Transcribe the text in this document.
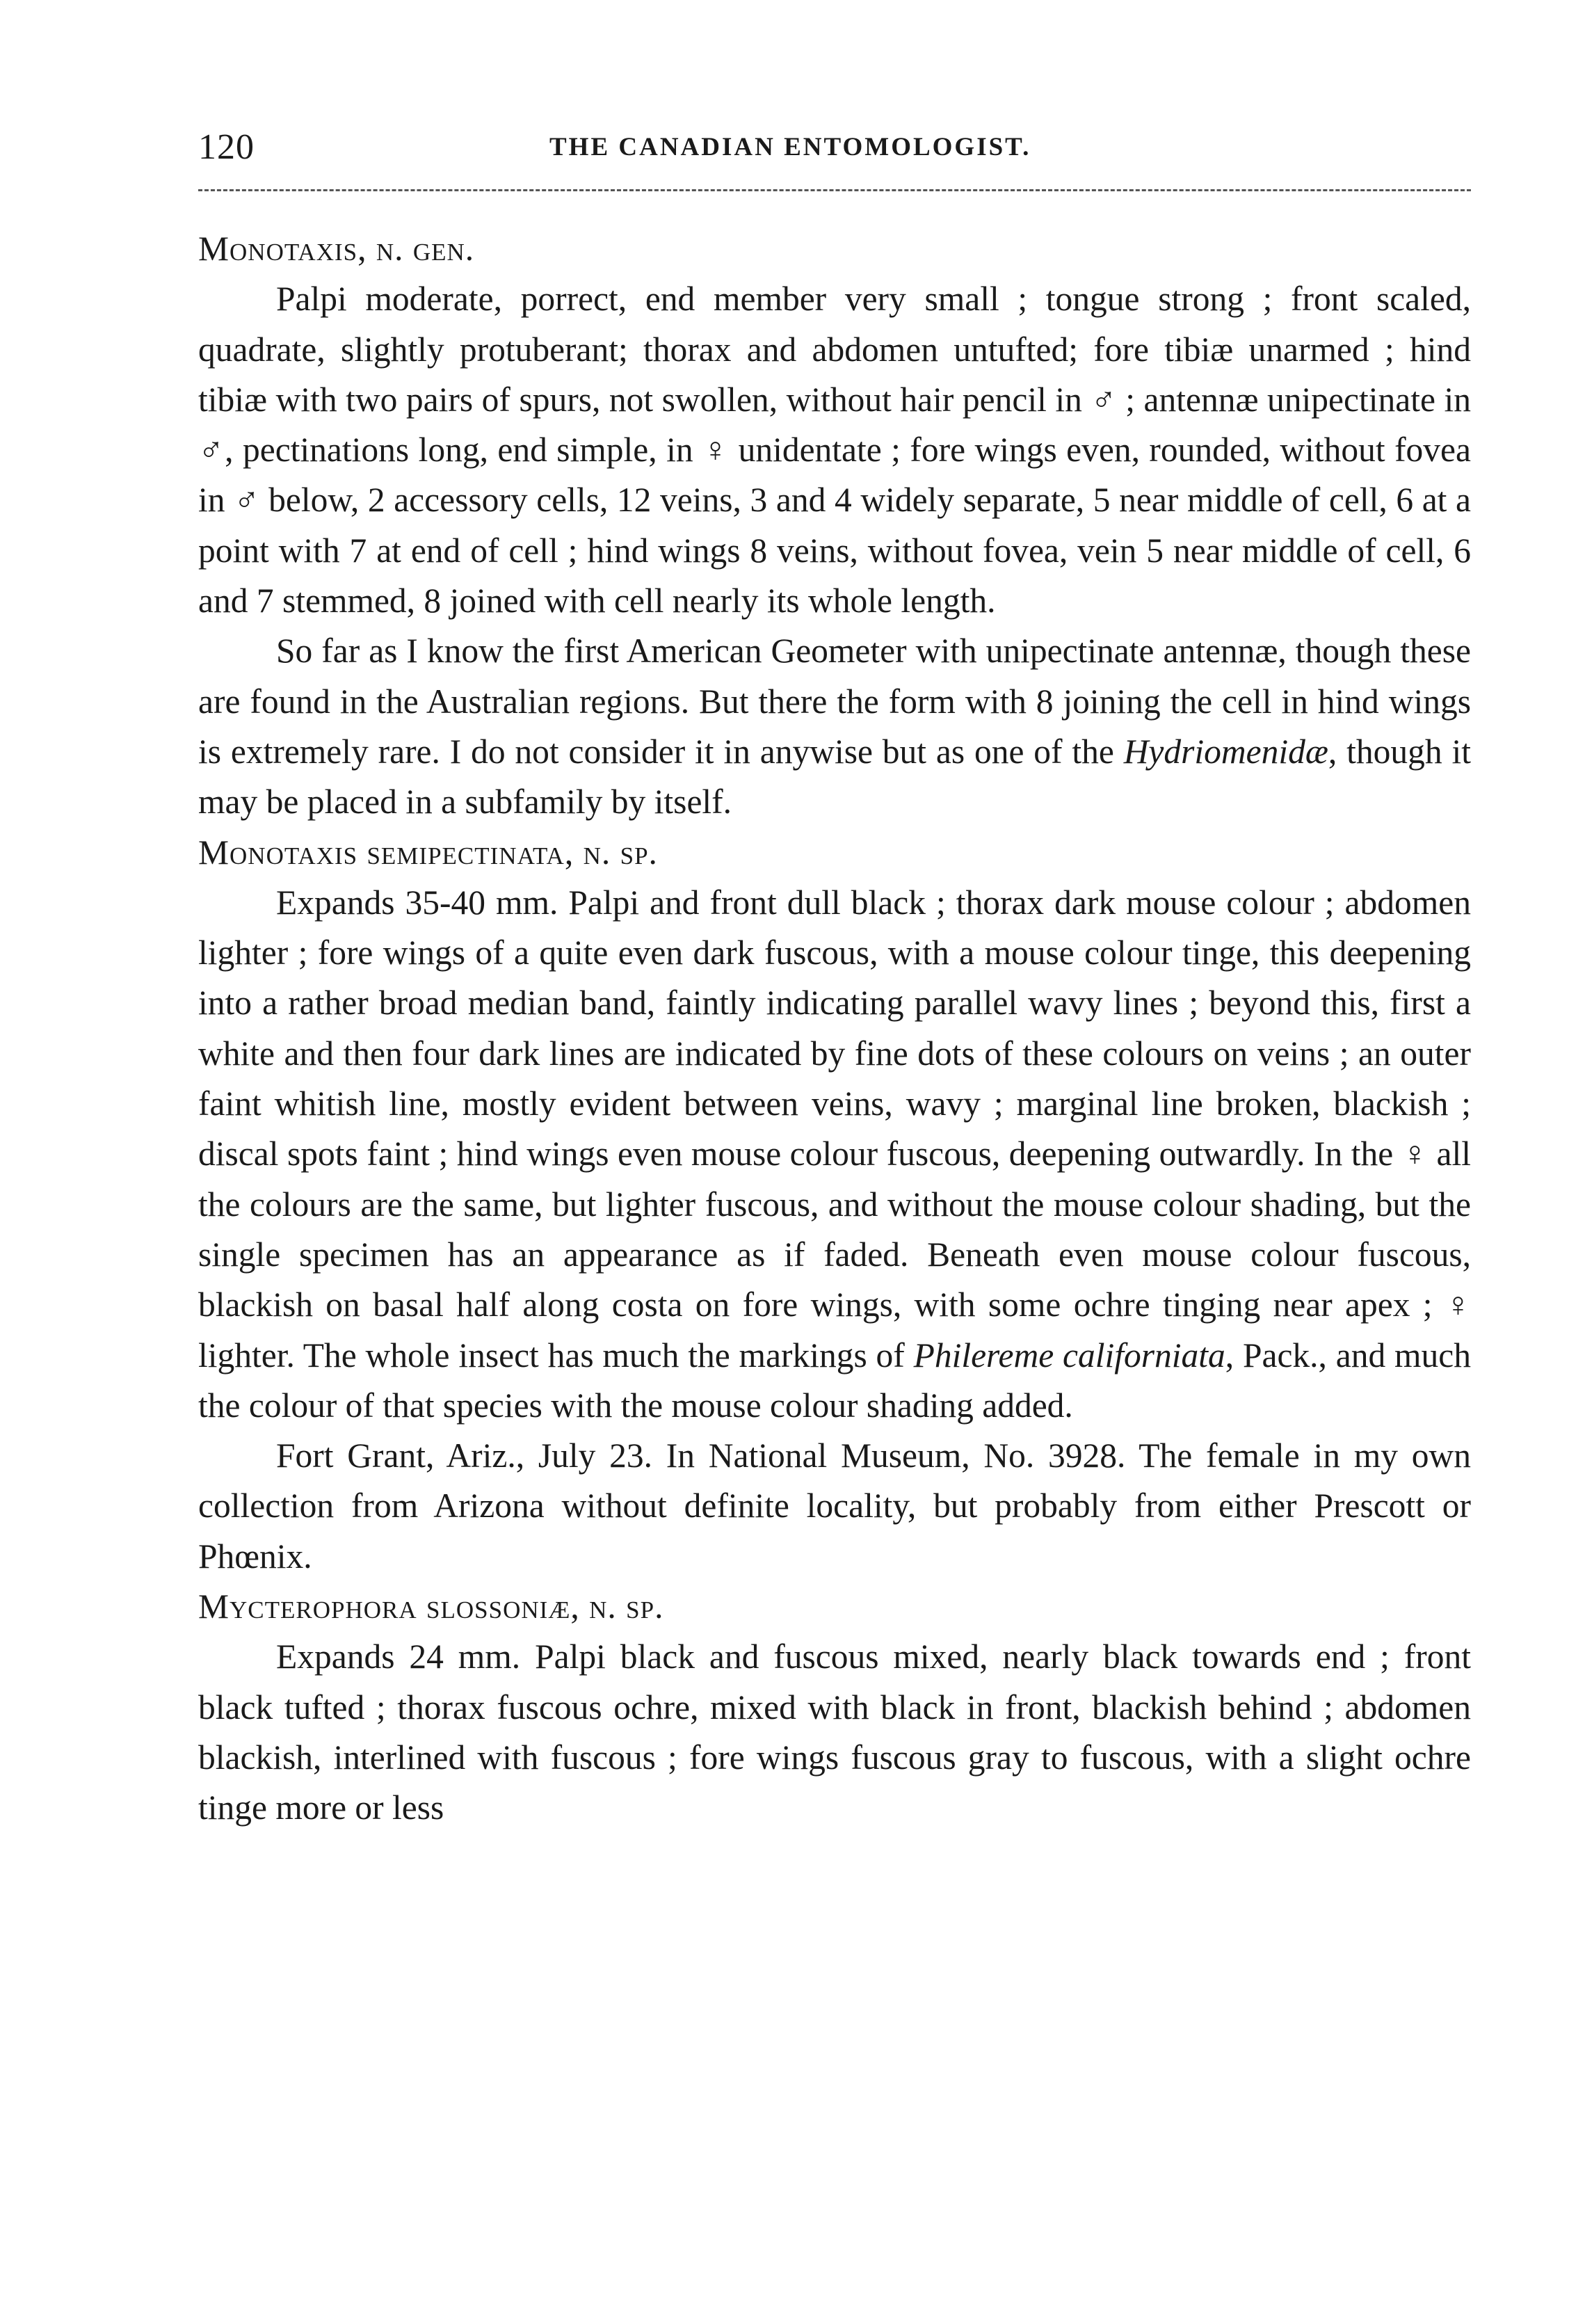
120	THE CANADIAN ENTOMOLOGIST.

Monotaxis, n. gen.

Palpi moderate, porrect, end member very small ; tongue strong ; front scaled, quadrate, slightly protuberant; thorax and abdomen untufted; fore tibiæ unarmed ; hind tibiæ with two pairs of spurs, not swollen, without hair pencil in ♂ ; antennæ unipectinate in ♂, pectinations long, end simple, in ♀ unidentate ; fore wings even, rounded, without fovea in ♂ below, 2 accessory cells, 12 veins, 3 and 4 widely separate, 5 near middle of cell, 6 at a point with 7 at end of cell ; hind wings 8 veins, without fovea, vein 5 near middle of cell, 6 and 7 stemmed, 8 joined with cell nearly its whole length.

So far as I know the first American Geometer with unipectinate antennæ, though these are found in the Australian regions. But there the form with 8 joining the cell in hind wings is extremely rare. I do not consider it in anywise but as one of the Hydriomenidæ, though it may be placed in a subfamily by itself.

Monotaxis semipectinata, n. sp.

Expands 35-40 mm. Palpi and front dull black ; thorax dark mouse colour ; abdomen lighter ; fore wings of a quite even dark fuscous, with a mouse colour tinge, this deepening into a rather broad median band, faintly indicating parallel wavy lines ; beyond this, first a white and then four dark lines are indicated by fine dots of these colours on veins ; an outer faint whitish line, mostly evident between veins, wavy ; marginal line broken, blackish ; discal spots faint ; hind wings even mouse colour fuscous, deepening outwardly. In the ♀ all the colours are the same, but lighter fuscous, and without the mouse colour shading, but the single specimen has an appearance as if faded. Beneath even mouse colour fuscous, blackish on basal half along costa on fore wings, with some ochre tinging near apex ; ♀ lighter. The whole insect has much the markings of Philereme californiata, Pack., and much the colour of that species with the mouse colour shading added.

Fort Grant, Ariz., July 23. In National Museum, No. 3928. The female in my own collection from Arizona without definite locality, but probably from either Prescott or Phœnix.

Mycterophora slossoniæ, n. sp.

Expands 24 mm. Palpi black and fuscous mixed, nearly black towards end ; front black tufted ; thorax fuscous ochre, mixed with black in front, blackish behind ; abdomen blackish, interlined with fuscous ; fore wings fuscous gray to fuscous, with a slight ochre tinge more or less
